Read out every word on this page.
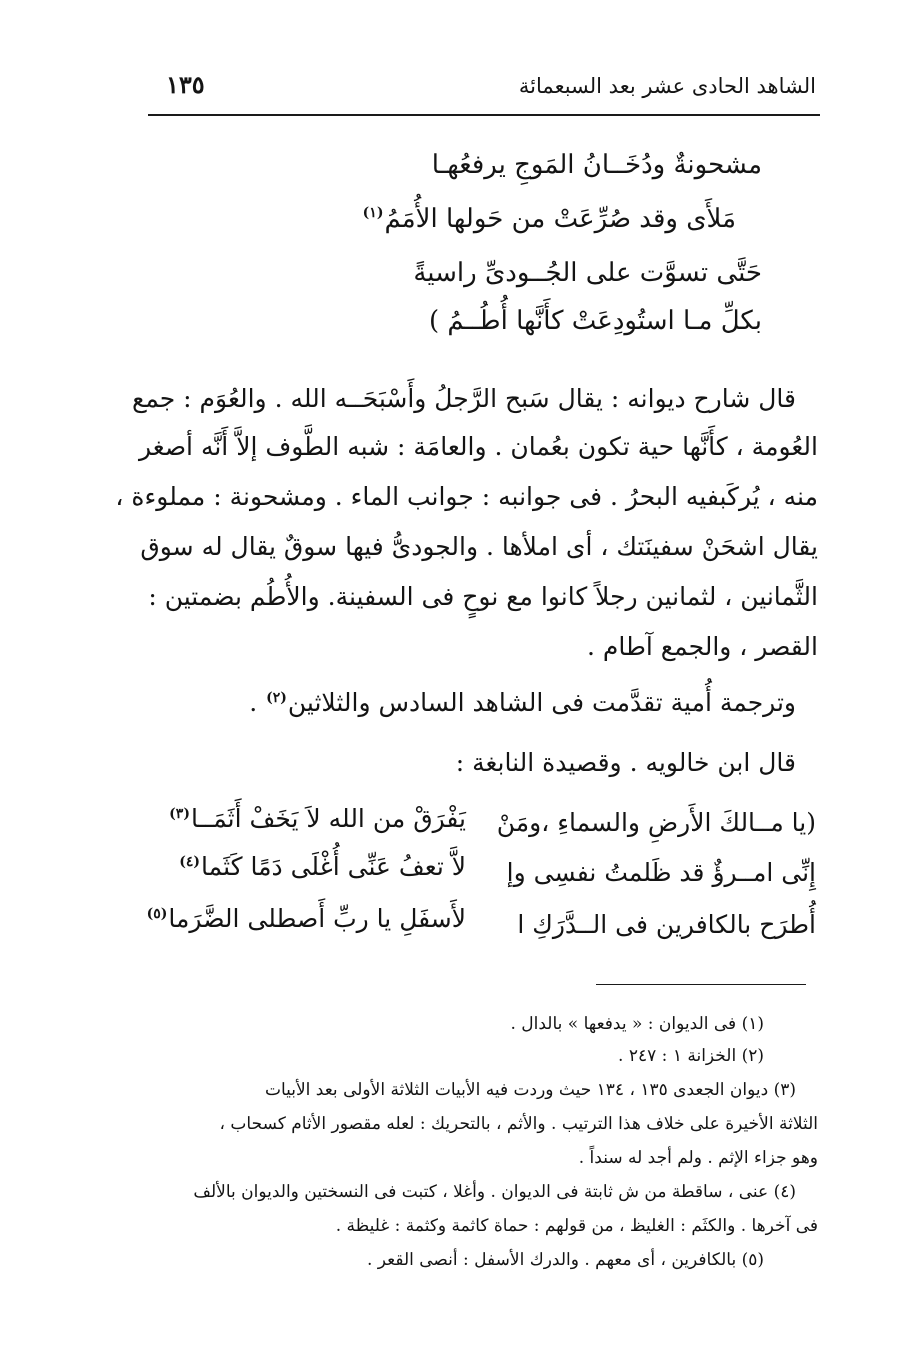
الشاهد الحادى عشر بعد السبعمائة
١٣٥
مشحونةٌ ودُخَــانُ المَوجِ يرفعُهـا
مَلأَى وقد صُرِّعَتْ من حَولها الأُمَمُ$^{(١)}$
حَتَّى تسوَّت على الجُــودىِّ راسيةً
بكلِّ مـا استُودِعَتْ كأَنَّها أُطُــمُ )
قال شارح ديوانه : يقال سَبح الرَّجلُ وأَسْبَحَــه الله . والعُوَم : جمع
العُومة ، كأَنَّها حية تكون بعُمان . والعامَة : شبه الطَّوف إلاَّ أَنَّه أصغر
منه ، يُركَبفيه البحرُ . فى جوانبه : جوانب الماء . ومشحونة : مملوءة ،
يقال اشحَنْ سفينَتك ، أى املأها . والجودىُّ فيها سوقٌ يقال له سوق
الثَّمانين ، لثمانين رجلاً كانوا مع نوحٍ فى السفينة. والأُطُم بضمتين :
القصر ، والجمع آطام .
وترجمة أُمية تقدَّمت فى الشاهد السادس والثلاثين$^{(٢)}$ .
قال ابن خالويه . وقصيدة النابغة :
(يا مــالكَ الأَرضِ والسماءِ ،ومَنْ
يَفْرَقْ من الله لاَ يَخَفْ أَثَمَــا$^{(٣)}$
إِنِّى امــرؤٌ قد ظَلمتُ نفسِى وإ
لاَّ تعفُ عَنِّى أُغْلَى دَمًا كَثَما$^{(٤)}$
أُطرَح بالكافرين فى الــدَّرَكِ ا
لأَسفَلِ يا ربِّ أَصطلى الضَّرَما$^{(٥)}$
(١) فى الديوان : « يدفعها » بالدال .
(٢) الخزانة ١ : ٢٤٧ .
(٣) ديوان الجعدى ١٣٥ ، ١٣٤ حيث وردت فيه الأبيات الثلاثة الأولى بعد الأبيات
الثلاثة الأخيرة على خلاف هذا الترتيب . والأثم ، بالتحريك : لعله مقصور الأثام كسحاب ،
وهو جزاء الإثم . ولم أجد له سنداً .
(٤) عنى ، ساقطة من ش ثابتة فى الديوان . وأغلا ، كتبت فى النسختين والديوان بالألف
فى آخرها . والكثَم : الغليظ ، من قولهم : حماة كاثمة وكثمة : غليظة .
(٥) بالكافرين ، أى معهم . والدرك الأسفل : أنصى القعر .
